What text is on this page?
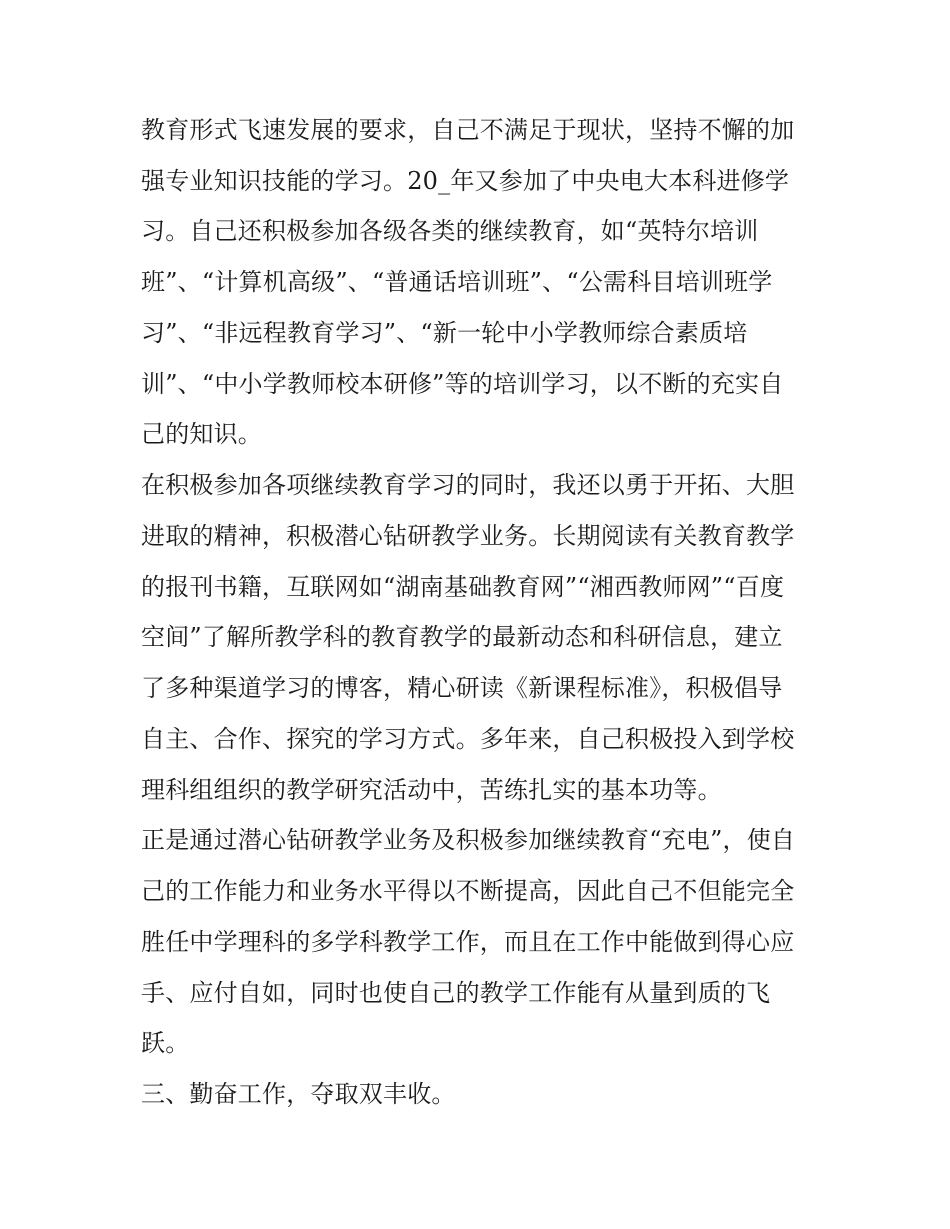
教育形式飞速发展的要求，自己不满足于现状，坚持不懈的加
强专业知识技能的学习。20_年又参加了中央电大本科进修学
习。自己还积极参加各级各类的继续教育，如“英特尔培训
班”、“计算机高级”、“普通话培训班”、“公需科目培训班学
习”、“非远程教育学习”、“新一轮中小学教师综合素质培
训”、“中小学教师校本研修”等的培训学习，以不断的充实自
己的知识。
在积极参加各项继续教育学习的同时，我还以勇于开拓、大胆
进取的精神，积极潜心钻研教学业务。长期阅读有关教育教学
的报刊书籍，互联网如“湖南基础教育网”“湘西教师网”“百度
空间”了解所教学科的教育教学的最新动态和科研信息，建立
了多种渠道学习的博客，精心研读《新课程标准》，积极倡导
自主、合作、探究的学习方式。多年来，自己积极投入到学校
理科组组织的教学研究活动中，苦练扎实的基本功等。
正是通过潜心钻研教学业务及积极参加继续教育“充电”，使自
己的工作能力和业务水平得以不断提高，因此自己不但能完全
胜任中学理科的多学科教学工作，而且在工作中能做到得心应
手、应付自如，同时也使自己的教学工作能有从量到质的飞
跃。
三、勤奋工作，夺取双丰收。
